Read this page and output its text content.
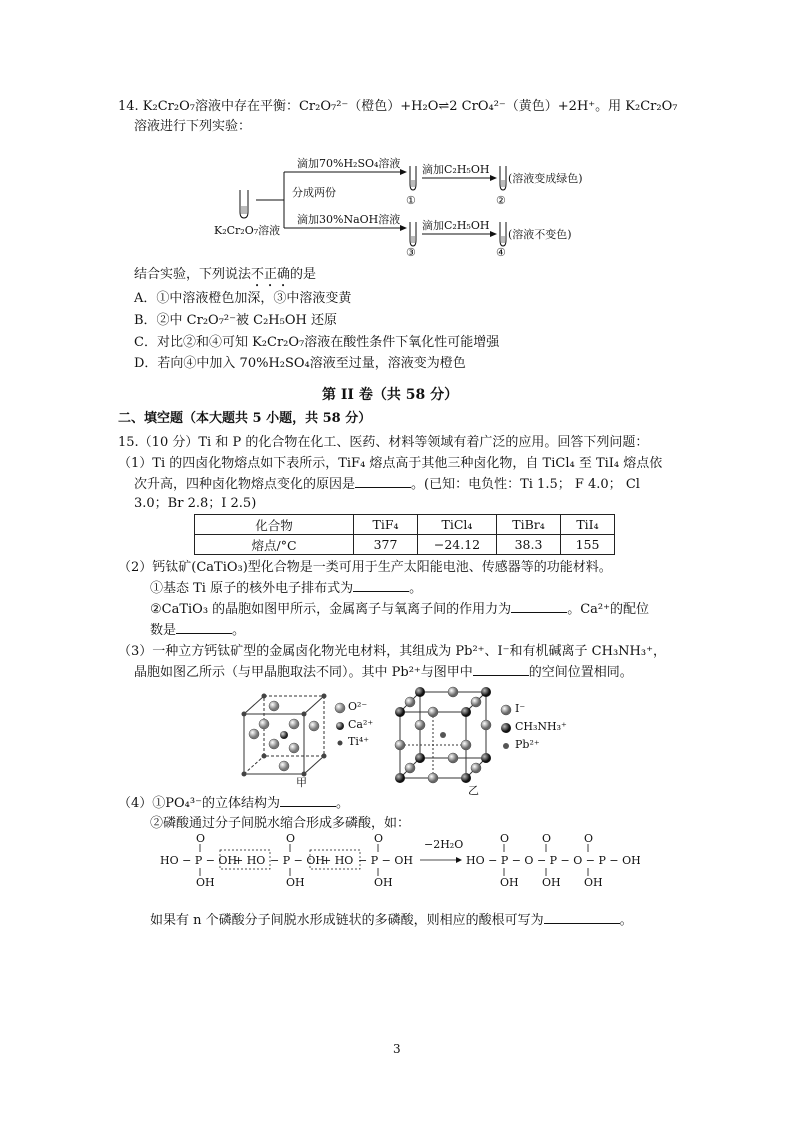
14. K₂Cr₂O₇溶液中存在平衡：Cr₂O₇²⁻（橙色）+H₂O⇌2 CrO₄²⁻（黄色）+2H⁺。用 K₂Cr₂O₇
溶液进行下列实验：
滴加70%H₂SO₄溶液
滴加30%NaOH溶液
分成两份
K₂Cr₂O₇溶液
滴加C₂H₅OH
滴加C₂H₅OH
(溶液变成绿色)
(溶液不变色)
①	②
③	④
结合实验，下列说法不正确的是
A．①中溶液橙色加深，③中溶液变黄
B．②中 Cr₂O₇²⁻被 C₂H₅OH 还原
C．对比②和④可知 K₂Cr₂O₇溶液在酸性条件下氧化性可能增强
D．若向④中加入 70%H₂SO₄溶液至过量，溶液变为橙色
第 II 卷（共 58 分）
二、填空题（本大题共 5 小题，共 58 分）
15.（10 分）Ti 和 P 的化合物在化工、医药、材料等领域有着广泛的应用。回答下列问题：
（1）Ti 的四卤化物熔点如下表所示，TiF₄ 熔点高于其他三种卤化物，自 TiCl₄ 至 TiI₄ 熔点依
次升高，四种卤化物熔点变化的原因是	。(已知：电负性：Ti 1.5； F 4.0； Cl
3.0；Br 2.8；I 2.5)
化合物	TiF₄	TiCl₄	TiBr₄	TiI₄
熔点/°C	377	−24.12	38.3	155
（2）钙钛矿(CaTiO₃)型化合物是一类可用于生产太阳能电池、传感器等的功能材料。
①基态 Ti 原子的核外电子排布式为	。
②CaTiO₃ 的晶胞如图甲所示，金属离子与氧离子间的作用力为	。Ca²⁺的配位
数是	。
（3）一种立方钙钛矿型的金属卤化物光电材料，其组成为 Pb²⁺、I⁻和有机碱离子 CH₃NH₃⁺，
晶胞如图乙所示（与甲晶胞取法不同）。其中 Pb²⁺与图甲中	的空间位置相同。
O²⁻
Ca²⁺
Ti⁴⁺
甲
I⁻
CH₃NH₃⁺
Pb²⁺
乙
（4）①PO₄³⁻的立体结构为	。
②磷酸通过分子间脱水缩合形成多磷酸，如：
O
OH
O
OH
O
OH
HO − P − OH
+ HO − P − OH
+ HO − P − OH	HO − P − O − P − O − P − OH
O	O	O
OH OH OH
−2H₂O
如果有 n 个磷酸分子间脱水形成链状的多磷酸，则相应的酸根可写为	。
3
